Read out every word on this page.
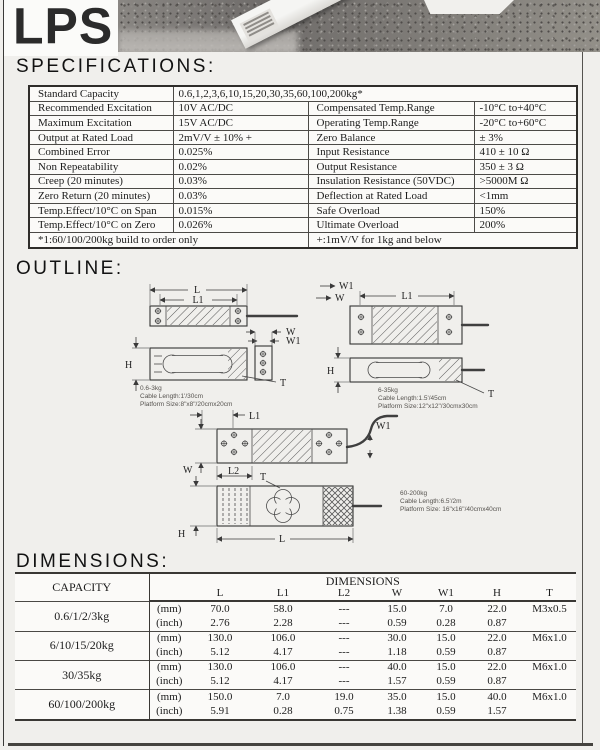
LPS
SPECIFICATIONS:
Standard Capacity	0.6,1,2,3,6,10,15,20,30,35,60,100,200kg*		
Recommended Excitation	10V AC/DC	Compensated Temp.Range	-10°C to+40°C
Maximum Excitation	15V AC/DC	Operating Temp.Range	-20°C to+60°C
Output at Rated Load	2mV/V ± 10% +	Zero Balance	± 3%
Combined Error	0.025%	Input Resistance	410 ± 10 Ω
Non Repeatability	0.02%	Output Resistance	350 ± 3 Ω
Creep (20 minutes)	0.03%	Insulation Resistance (50VDC)	>5000M Ω
Zero Return (20 minutes)	0.03%	Deflection at Rated Load	<1mm
Temp.Effect/10°C on Span	0.015%	Safe Overload	150%
Temp.Effect/10°C on Zero	0.026%	Ultimate Overload	200%
*1:60/100/200kg build to order only		+:1mV/V for 1kg and below	
OUTLINE:
L
L1
W
W1
H
T
0.6-3kg
Cable Length:1'/30cm
Platform Size:8"x8"/20cmx20cm
W1
W	L1
H
T
6-35kg
Cable Length:1.5'/45cm
Platform Size:12"x12"/30cmx30cm
L1
W1
W	L2
T
H	L
60-200kg
Cable Length:6.5'/2m
Platform Size: 16"x16"/40cmx40cm
DIMENSIONS:
CAPACITY	DIMENSIONS							
		L	L1	L2	W	W1	H	T
0.6/1/2/3kg	(mm)	70.0	58.0	---	15.0	7.0	22.0	M3x0.5
	(inch)	2.76	2.28	---	0.59	0.28	0.87	
6/10/15/20kg	(mm)	130.0	106.0	---	30.0	15.0	22.0	M6x1.0
	(inch)	5.12	4.17	---	1.18	0.59	0.87	
30/35kg	(mm)	130.0	106.0	---	40.0	15.0	22.0	M6x1.0
	(inch)	5.12	4.17	---	1.57	0.59	0.87	
60/100/200kg	(mm)	150.0	7.0	19.0	35.0	15.0	40.0	M6x1.0
	(inch)	5.91	0.28	0.75	1.38	0.59	1.57	
